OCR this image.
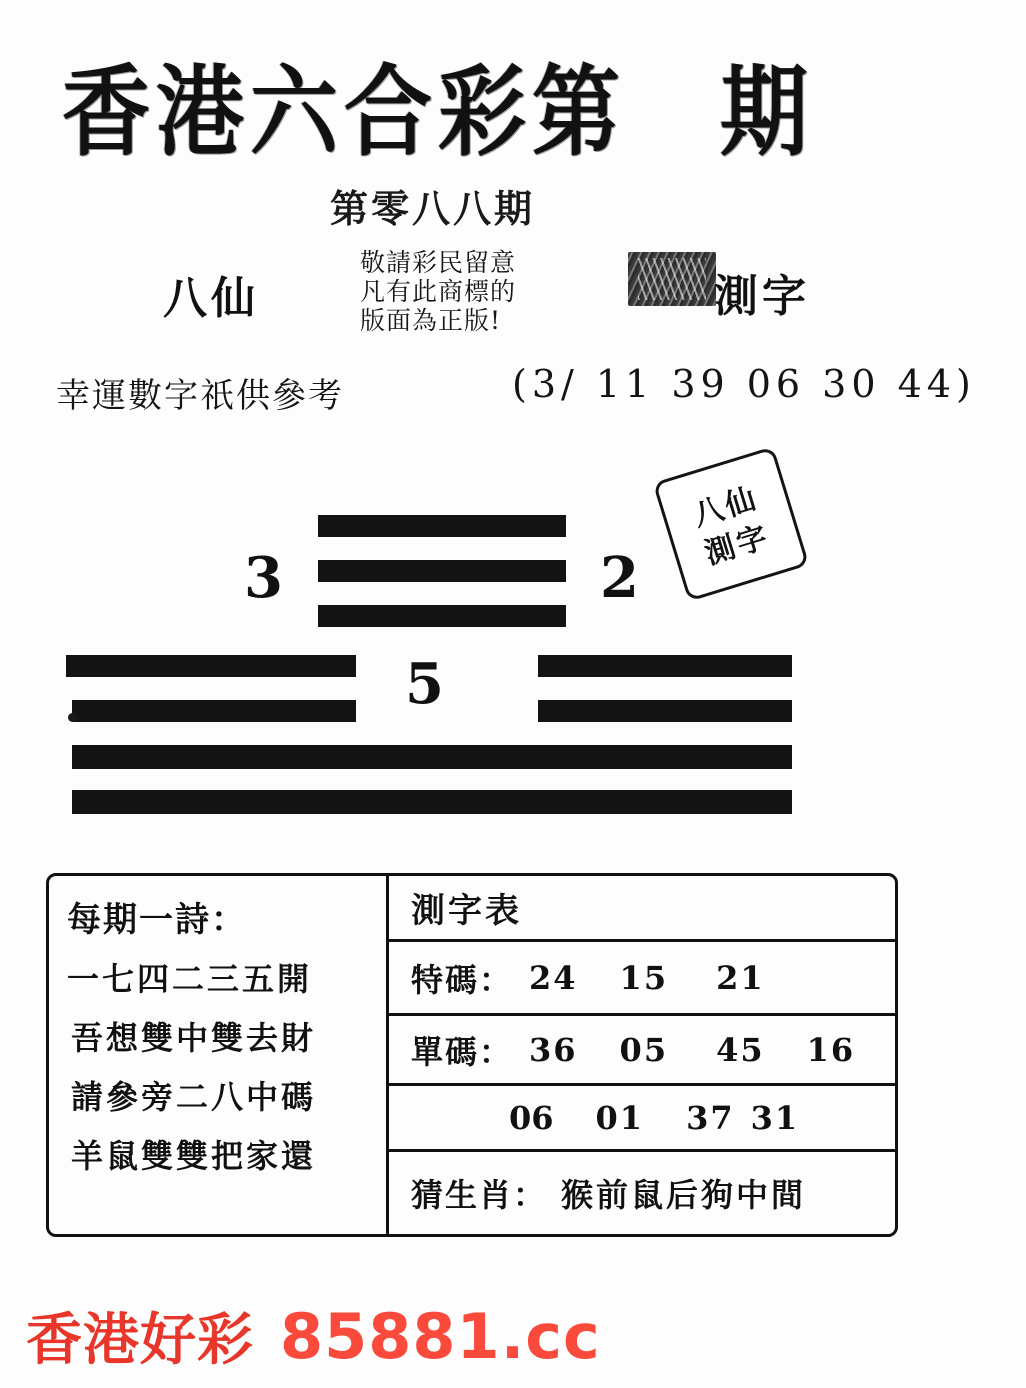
香港六合彩第　期
第零八八期
八仙
敬請彩民留意
凡有此商標的
版面為正版!	測字
幸運數字祇供參考	(3/ 11 39 06 30 44)
3	2
5
八仙
測字
每期一詩：
一七四二三五開
吾想雙中雙去財
請參旁二八中碼
羊鼠雙雙把家還
測字表
特碼： 24 15 21
單碼： 36 05 45 16
06 01 37 31
猜生肖： 猴前鼠后狗中間
香港好彩 85881.cc
